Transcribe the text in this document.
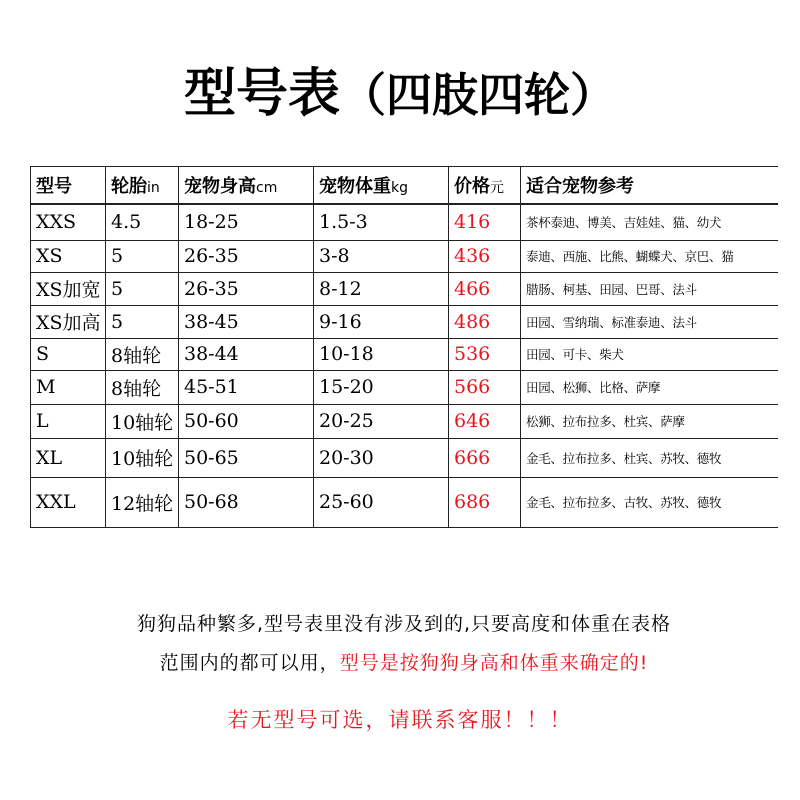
型号表（四肢四轮）
型号	轮胎in	宠物身高cm	宠物体重kg	价格元	适合宠物参考
XXS	4.5	18-25	1.5-3	416	茶杯泰迪、博美、吉娃娃、猫、幼犬
XS	5	26-35	3-8	436	泰迪、西施、比熊、蝴蝶犬、京巴、猫
XS加宽	5	26-35	8-12	466	腊肠、柯基、田园、巴哥、法斗
XS加高	5	38-45	9-16	486	田园、雪纳瑞、标准泰迪、法斗
S	8轴轮	38-44	10-18	536	田园、可卡、柴犬
M	8轴轮	45-51	15-20	566	田园、松狮、比格、萨摩
L	10轴轮	50-60	20-25	646	松狮、拉布拉多、杜宾、萨摩
XL	10轴轮	50-65	20-30	666	金毛、拉布拉多、杜宾、苏牧、德牧
XXL	12轴轮	50-68	25-60	686	金毛、拉布拉多、古牧、苏牧、德牧
狗狗品种繁多,型号表里没有涉及到的,只要高度和体重在表格
范围内的都可以用，型号是按狗狗身高和体重来确定的!
若无型号可选，请联系客服！！！
